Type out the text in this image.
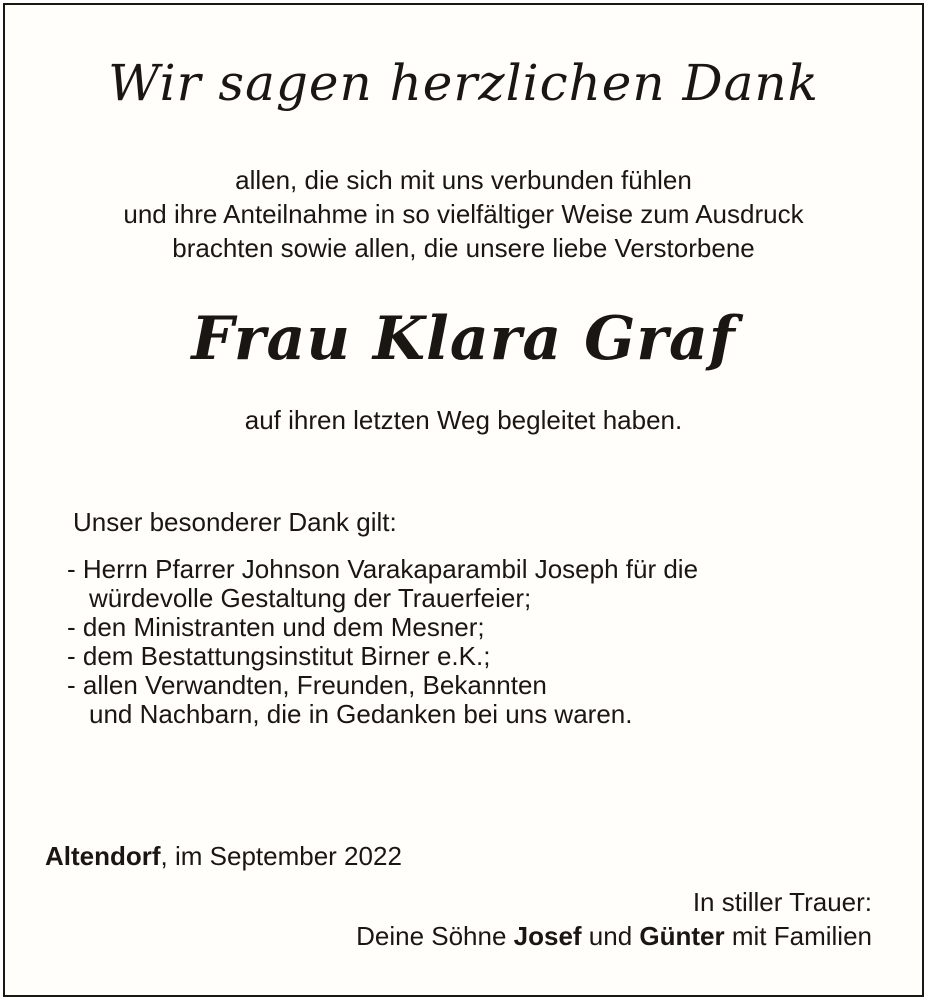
Wir sagen herzlichen Dank
allen, die sich mit uns verbunden fühlen
und ihre Anteilnahme in so vielfältiger Weise zum Ausdruck
brachten sowie allen, die unsere liebe Verstorbene
Frau Klara Graf
auf ihren letzten Weg begleitet haben.
Unser besonderer Dank gilt:
- Herrn Pfarrer Johnson Varakaparambil Joseph für die
würdevolle Gestaltung der Trauerfeier;
- den Ministranten und dem Mesner;
- dem Bestattungsinstitut Birner e.K.;
- allen Verwandten, Freunden, Bekannten
und Nachbarn, die in Gedanken bei uns waren.
Altendorf, im September 2022
In stiller Trauer:
Deine Söhne Josef und Günter mit Familien
